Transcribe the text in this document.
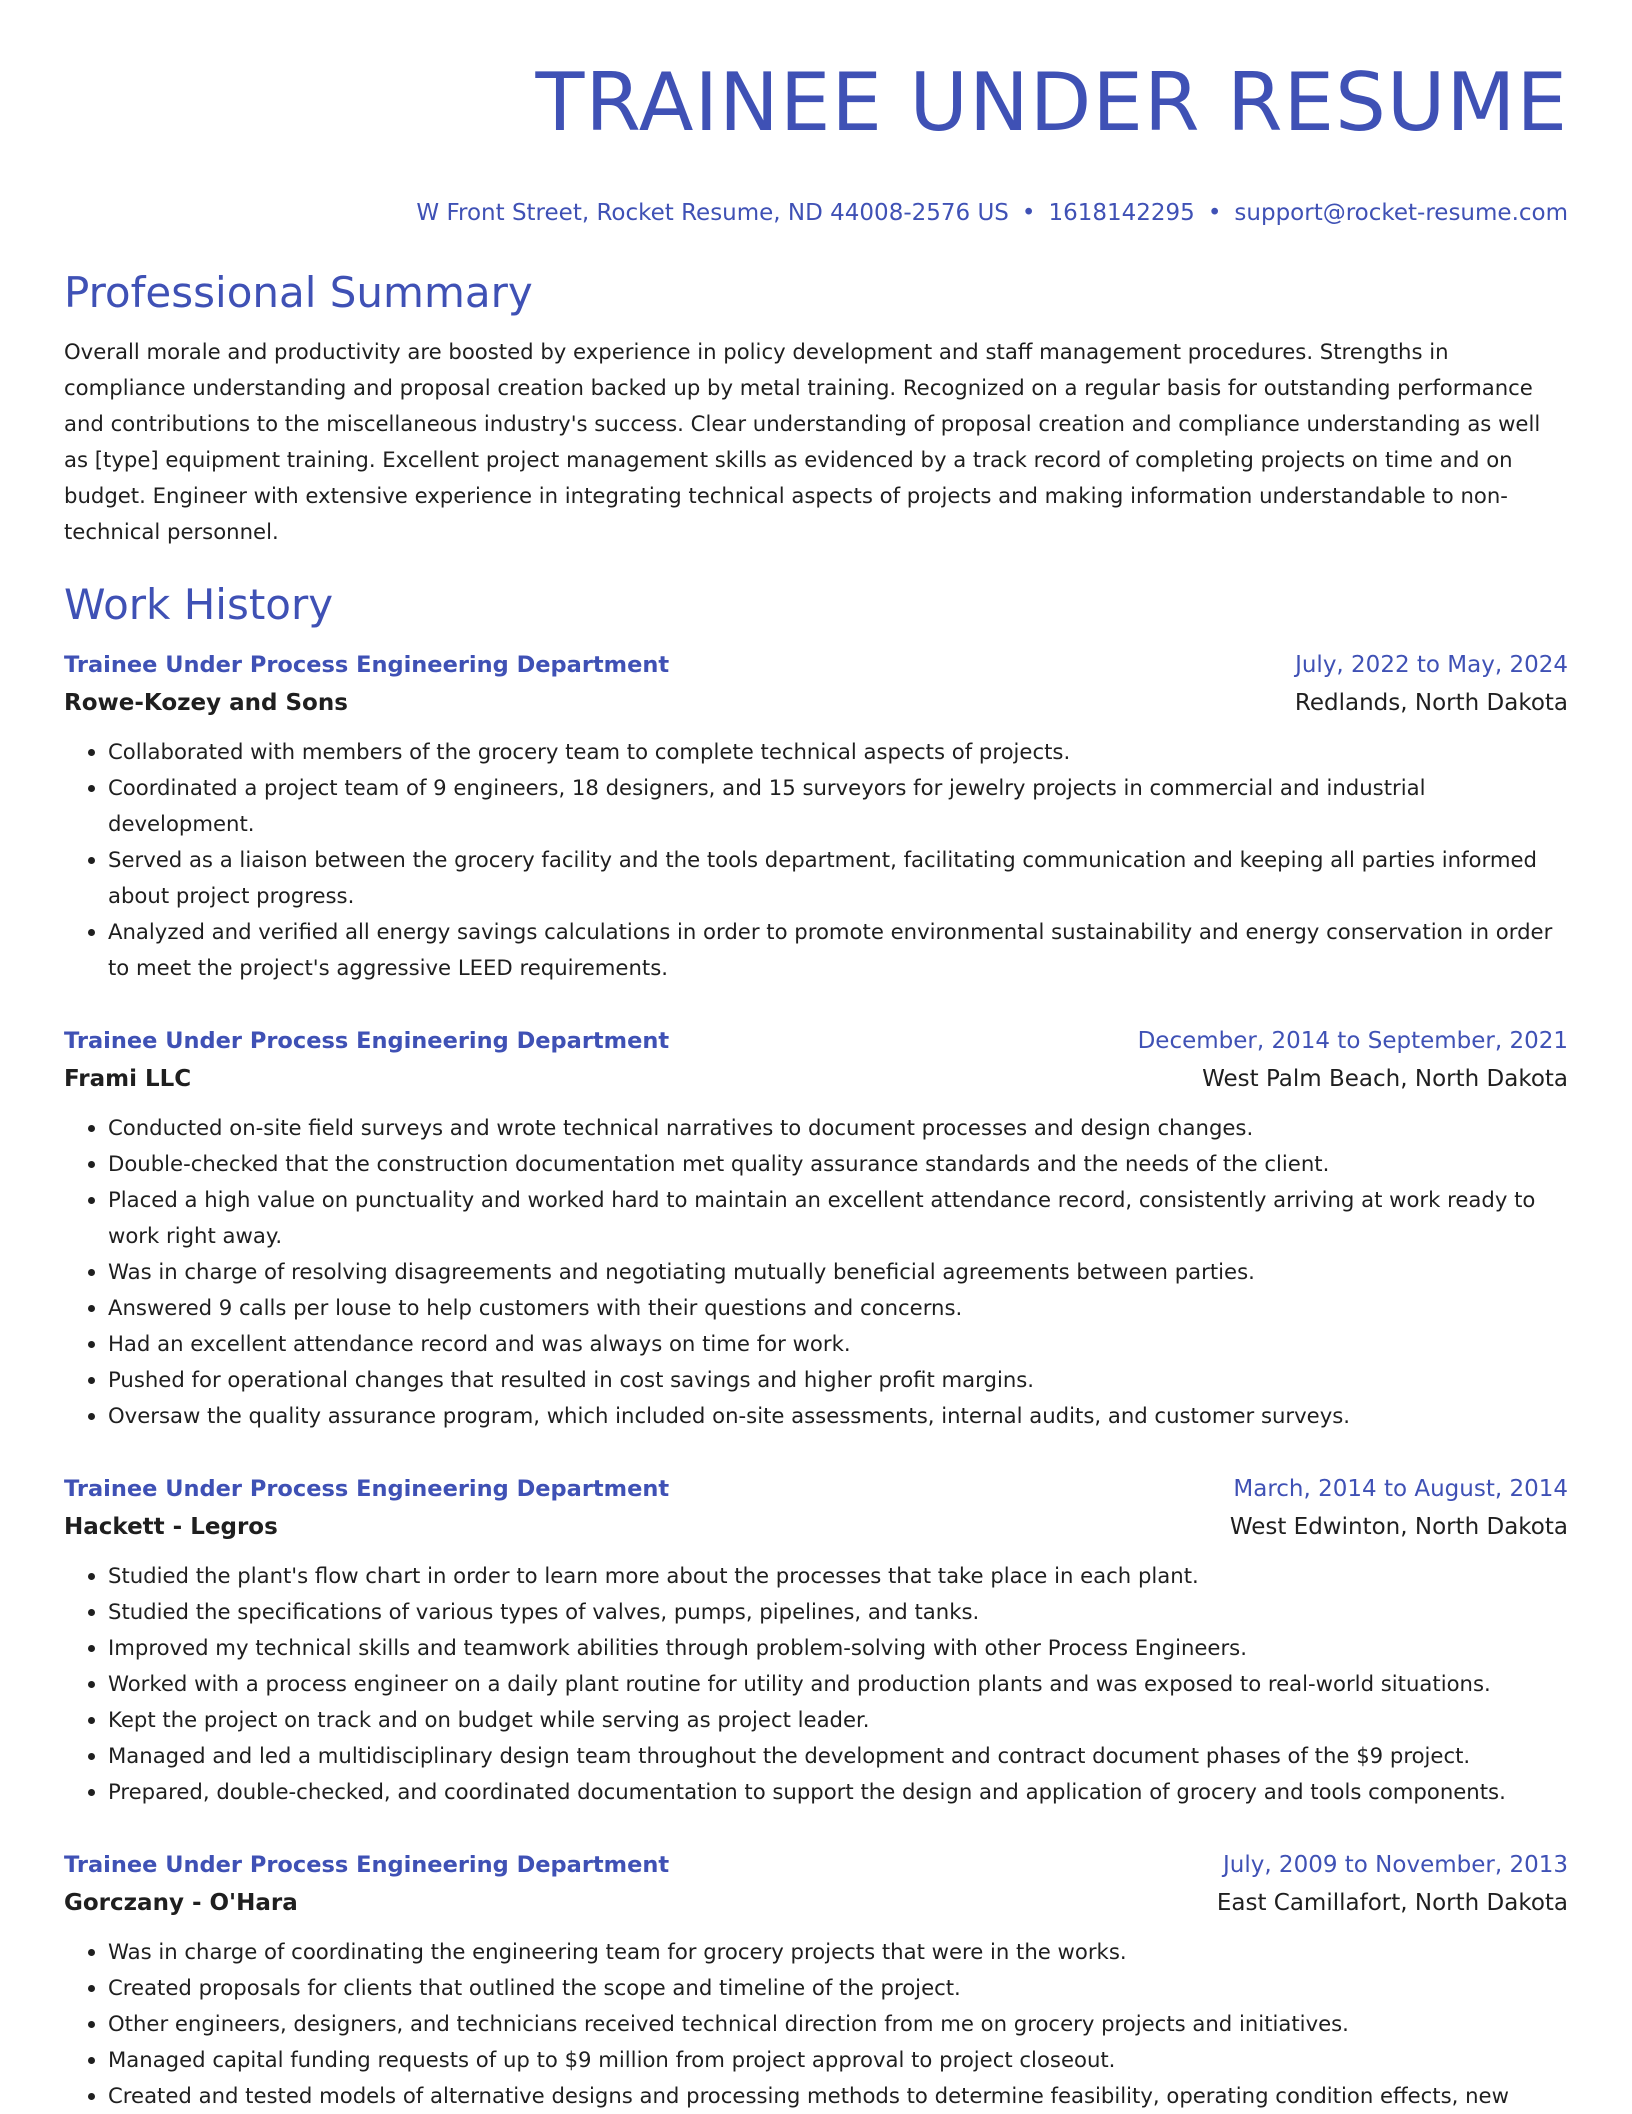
TRAINEE UNDER RESUME
W Front Street, Rocket Resume, ND 44008-2576 US • 1618142295 • support@rocket-resume.com
Professional Summary
Overall morale and productivity are boosted by experience in policy development and staff management procedures. Strengths in compliance understanding and proposal creation backed up by metal training. Recognized on a regular basis for outstanding performance and contributions to the miscellaneous industry's success. Clear understanding of proposal creation and compliance understanding as well as [type] equipment training. Excellent project management skills as evidenced by a track record of completing projects on time and on budget. Engineer with extensive experience in integrating technical aspects of projects and making information understandable to non-technical personnel.
Work History
Trainee Under Process Engineering Department	July, 2022 to May, 2024
Rowe-Kozey and Sons	Redlands, North Dakota
• Collaborated with members of the grocery team to complete technical aspects of projects.
• Coordinated a project team of 9 engineers, 18 designers, and 15 surveyors for jewelry projects in commercial and industrial development.
• Served as a liaison between the grocery facility and the tools department, facilitating communication and keeping all parties informed about project progress.
• Analyzed and verified all energy savings calculations in order to promote environmental sustainability and energy conservation in order to meet the project's aggressive LEED requirements.
Trainee Under Process Engineering Department	December, 2014 to September, 2021
Frami LLC	West Palm Beach, North Dakota
• Conducted on-site field surveys and wrote technical narratives to document processes and design changes.
• Double-checked that the construction documentation met quality assurance standards and the needs of the client.
• Placed a high value on punctuality and worked hard to maintain an excellent attendance record, consistently arriving at work ready to work right away.
• Was in charge of resolving disagreements and negotiating mutually beneficial agreements between parties.
• Answered 9 calls per louse to help customers with their questions and concerns.
• Had an excellent attendance record and was always on time for work.
• Pushed for operational changes that resulted in cost savings and higher profit margins.
• Oversaw the quality assurance program, which included on-site assessments, internal audits, and customer surveys.
Trainee Under Process Engineering Department	March, 2014 to August, 2014
Hackett - Legros	West Edwinton, North Dakota
• Studied the plant's flow chart in order to learn more about the processes that take place in each plant.
• Studied the specifications of various types of valves, pumps, pipelines, and tanks.
• Improved my technical skills and teamwork abilities through problem-solving with other Process Engineers.
• Worked with a process engineer on a daily plant routine for utility and production plants and was exposed to real-world situations.
• Kept the project on track and on budget while serving as project leader.
• Managed and led a multidisciplinary design team throughout the development and contract document phases of the $9 project.
• Prepared, double-checked, and coordinated documentation to support the design and application of grocery and tools components.
Trainee Under Process Engineering Department	July, 2009 to November, 2013
Gorczany - O'Hara	East Camillafort, North Dakota
• Was in charge of coordinating the engineering team for grocery projects that were in the works.
• Created proposals for clients that outlined the scope and timeline of the project.
• Other engineers, designers, and technicians received technical direction from me on grocery projects and initiatives.
• Managed capital funding requests of up to $9 million from project approval to project closeout.
• Created and tested models of alternative designs and processing methods to determine feasibility, operating condition effects, new
